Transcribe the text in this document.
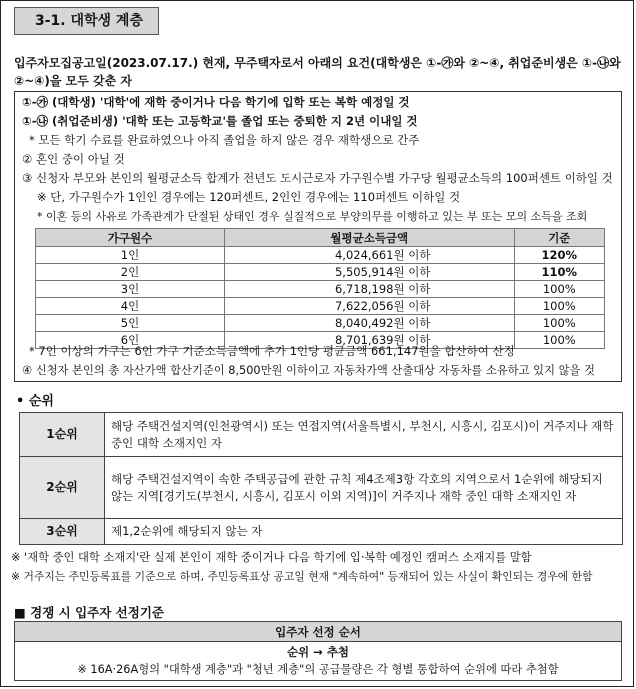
3-1. 대학생 계층
입주자모집공고일(2023.07.17.) 현재, 무주택자로서 아래의 요건(대학생은 ①-㉮와 ②~④, 취업준비생은 ①-㉯와
②~④)을 모두 갖춘 자
①-㉮ (대학생) '대학'에 재학 중이거나 다음 학기에 입학 또는 복학 예정일 것
①-㉯ (취업준비생) '대학 또는 고등학교'를 졸업 또는 중퇴한 지 2년 이내일 것
* 모든 학기 수료를 완료하였으나 아직 졸업을 하지 않은 경우 재학생으로 간주
② 혼인 중이 아닐 것
③ 신청자 부모와 본인의 월평균소득 합계가 전년도 도시근로자 가구원수별 가구당 월평균소득의 100퍼센트 이하일 것
※ 단, 가구원수가 1인인 경우에는 120퍼센트, 2인인 경우에는 110퍼센트 이하일 것
* 이혼 등의 사유로 가족관계가 단절된 상태인 경우 실질적으로 부양의무를 이행하고 있는 부 또는 모의 소득을 조회
가구원수	월평균소득금액	기준
1인	4,024,661원 이하	120%
2인	5,505,914원 이하	110%
3인	6,718,198원 이하	100%
4인	7,622,056원 이하	100%
5인	8,040,492원 이하	100%
6인	8,701,639원 이하	100%
* 7인 이상의 가구는 6인 가구 기준소득금액에 추가 1인당 평균금액 661,147원을 합산하여 산정
④ 신청자 본인의 총 자산가액 합산기준이 8,500만원 이하이고 자동차가액 산출대상 자동차를 소유하고 있지 않을 것
• 순위
1순위	해당 주택건설지역(인천광역시) 또는 연접지역(서울특별시, 부천시, 시흥시, 김포시)이 거주지나 재학 중인 대학 소재지인 자
2순위	해당 주택건설지역이 속한 주택공급에 관한 규칙 제4조제3항 각호의 지역으로서 1순위에 해당되지 않는 지역[경기도(부천시, 시흥시, 김포시 이외 지역)]이 거주지나 재학 중인 대학 소재지인 자
3순위	제1,2순위에 해당되지 않는 자
※ '재학 중인 대학 소재지'란 실제 본인이 재학 중이거나 다음 학기에 입·복학 예정인 캠퍼스 소재지를 말함
※ 거주지는 주민등록표를 기준으로 하며, 주민등록표상 공고일 현재 "계속하여" 등재되어 있는 사실이 확인되는 경우에 한함
■ 경쟁 시 입주자 선정기준
입주자 선정 순서

순위 → 추첨
※ 16A·26A형의 "대학생 계층"과 "청년 계층"의 공급물량은 각 형별 통합하여 순위에 따라 추첨함
